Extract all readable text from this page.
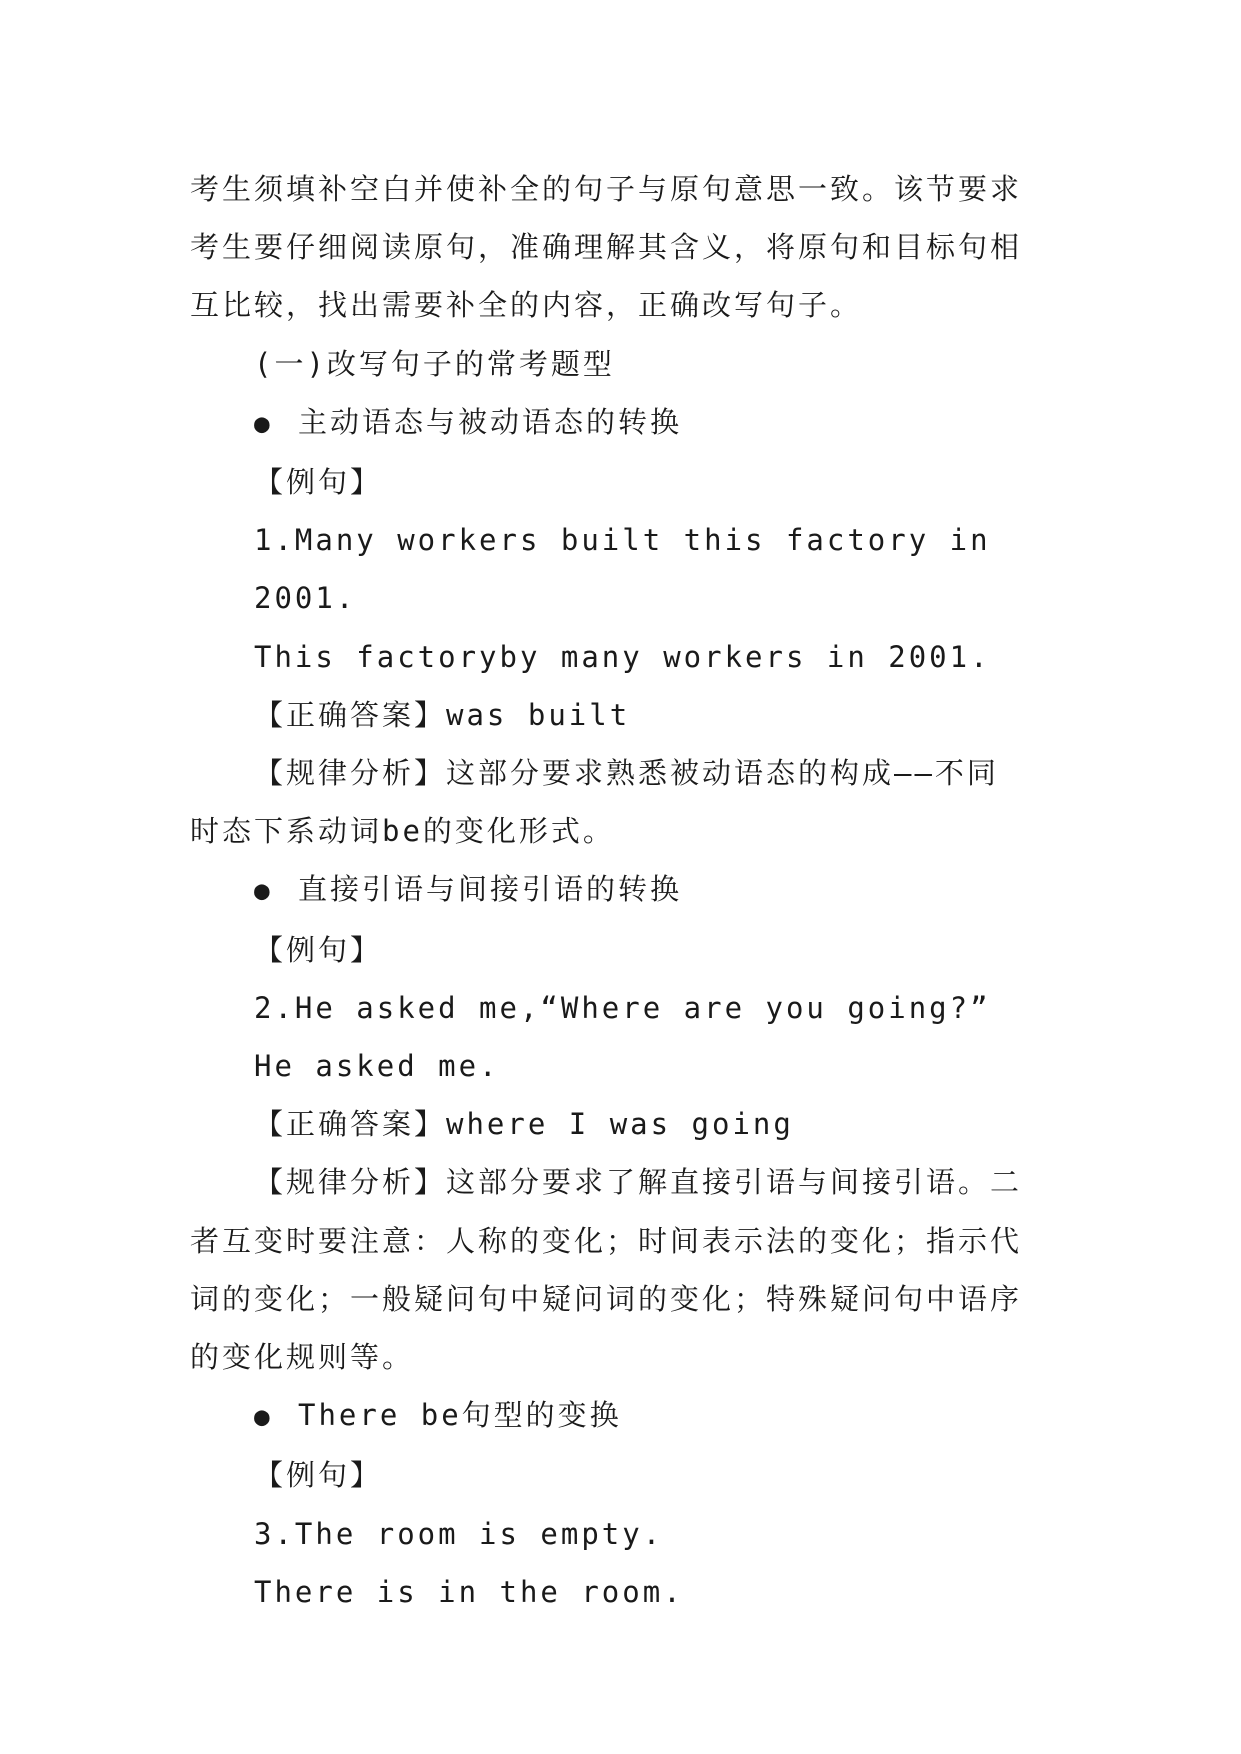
考生须填补空白并使补全的句子与原句意思一致。该节要求

考生要仔细阅读原句，准确理解其含义，将原句和目标句相

互比较，找出需要补全的内容，正确改写句子。

(一)改写句子的常考题型

● 主动语态与被动语态的转换

【例句】

1.Many workers built this factory in 2001.

This factoryby many workers in 2001.

【正确答案】was built

【规律分析】这部分要求熟悉被动语态的构成——不同

时态下系动词be的变化形式。

● 直接引语与间接引语的转换

【例句】

2.He asked me,“Where are you going?”

He asked me.

【正确答案】where I was going

【规律分析】这部分要求了解直接引语与间接引语。二

者互变时要注意：人称的变化；时间表示法的变化；指示代

词的变化；一般疑问句中疑问词的变化；特殊疑问句中语序

的变化规则等。

● There be句型的变换

【例句】

3.The room is empty.

There is in the room.
